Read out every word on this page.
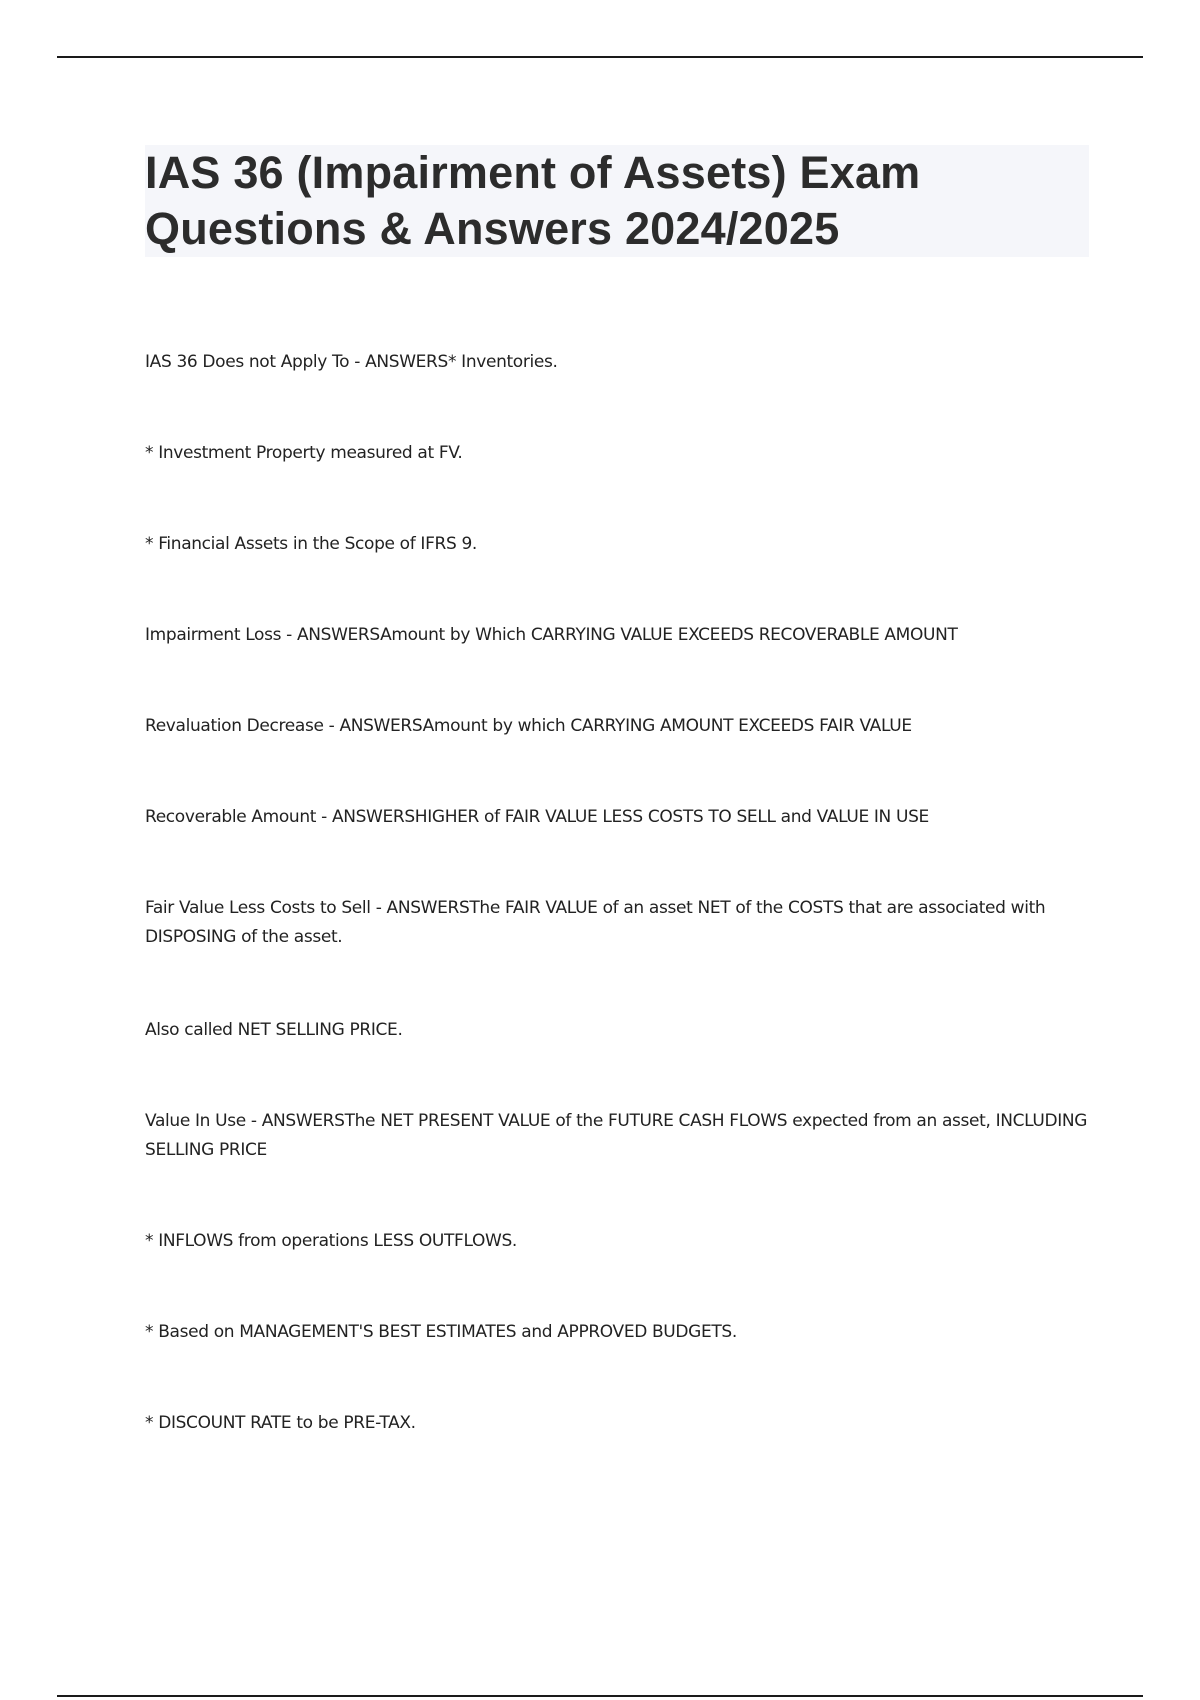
IAS 36 (Impairment of Assets) Exam Questions & Answers 2024/2025

IAS 36 Does not Apply To - ANSWERS* Inventories.

* Investment Property measured at FV.

* Financial Assets in the Scope of IFRS 9.

Impairment Loss - ANSWERSAmount by Which CARRYING VALUE EXCEEDS RECOVERABLE AMOUNT

Revaluation Decrease - ANSWERSAmount by which CARRYING AMOUNT EXCEEDS FAIR VALUE

Recoverable Amount - ANSWERSHIGHER of FAIR VALUE LESS COSTS TO SELL and VALUE IN USE

Fair Value Less Costs to Sell - ANSWERSThe FAIR VALUE of an asset NET of the COSTS that are associated with DISPOSING of the asset.

Also called NET SELLING PRICE.

Value In Use - ANSWERSThe NET PRESENT VALUE of the FUTURE CASH FLOWS expected from an asset, INCLUDING SELLING PRICE

* INFLOWS from operations LESS OUTFLOWS.

* Based on MANAGEMENT'S BEST ESTIMATES and APPROVED BUDGETS.

* DISCOUNT RATE to be PRE-TAX.
